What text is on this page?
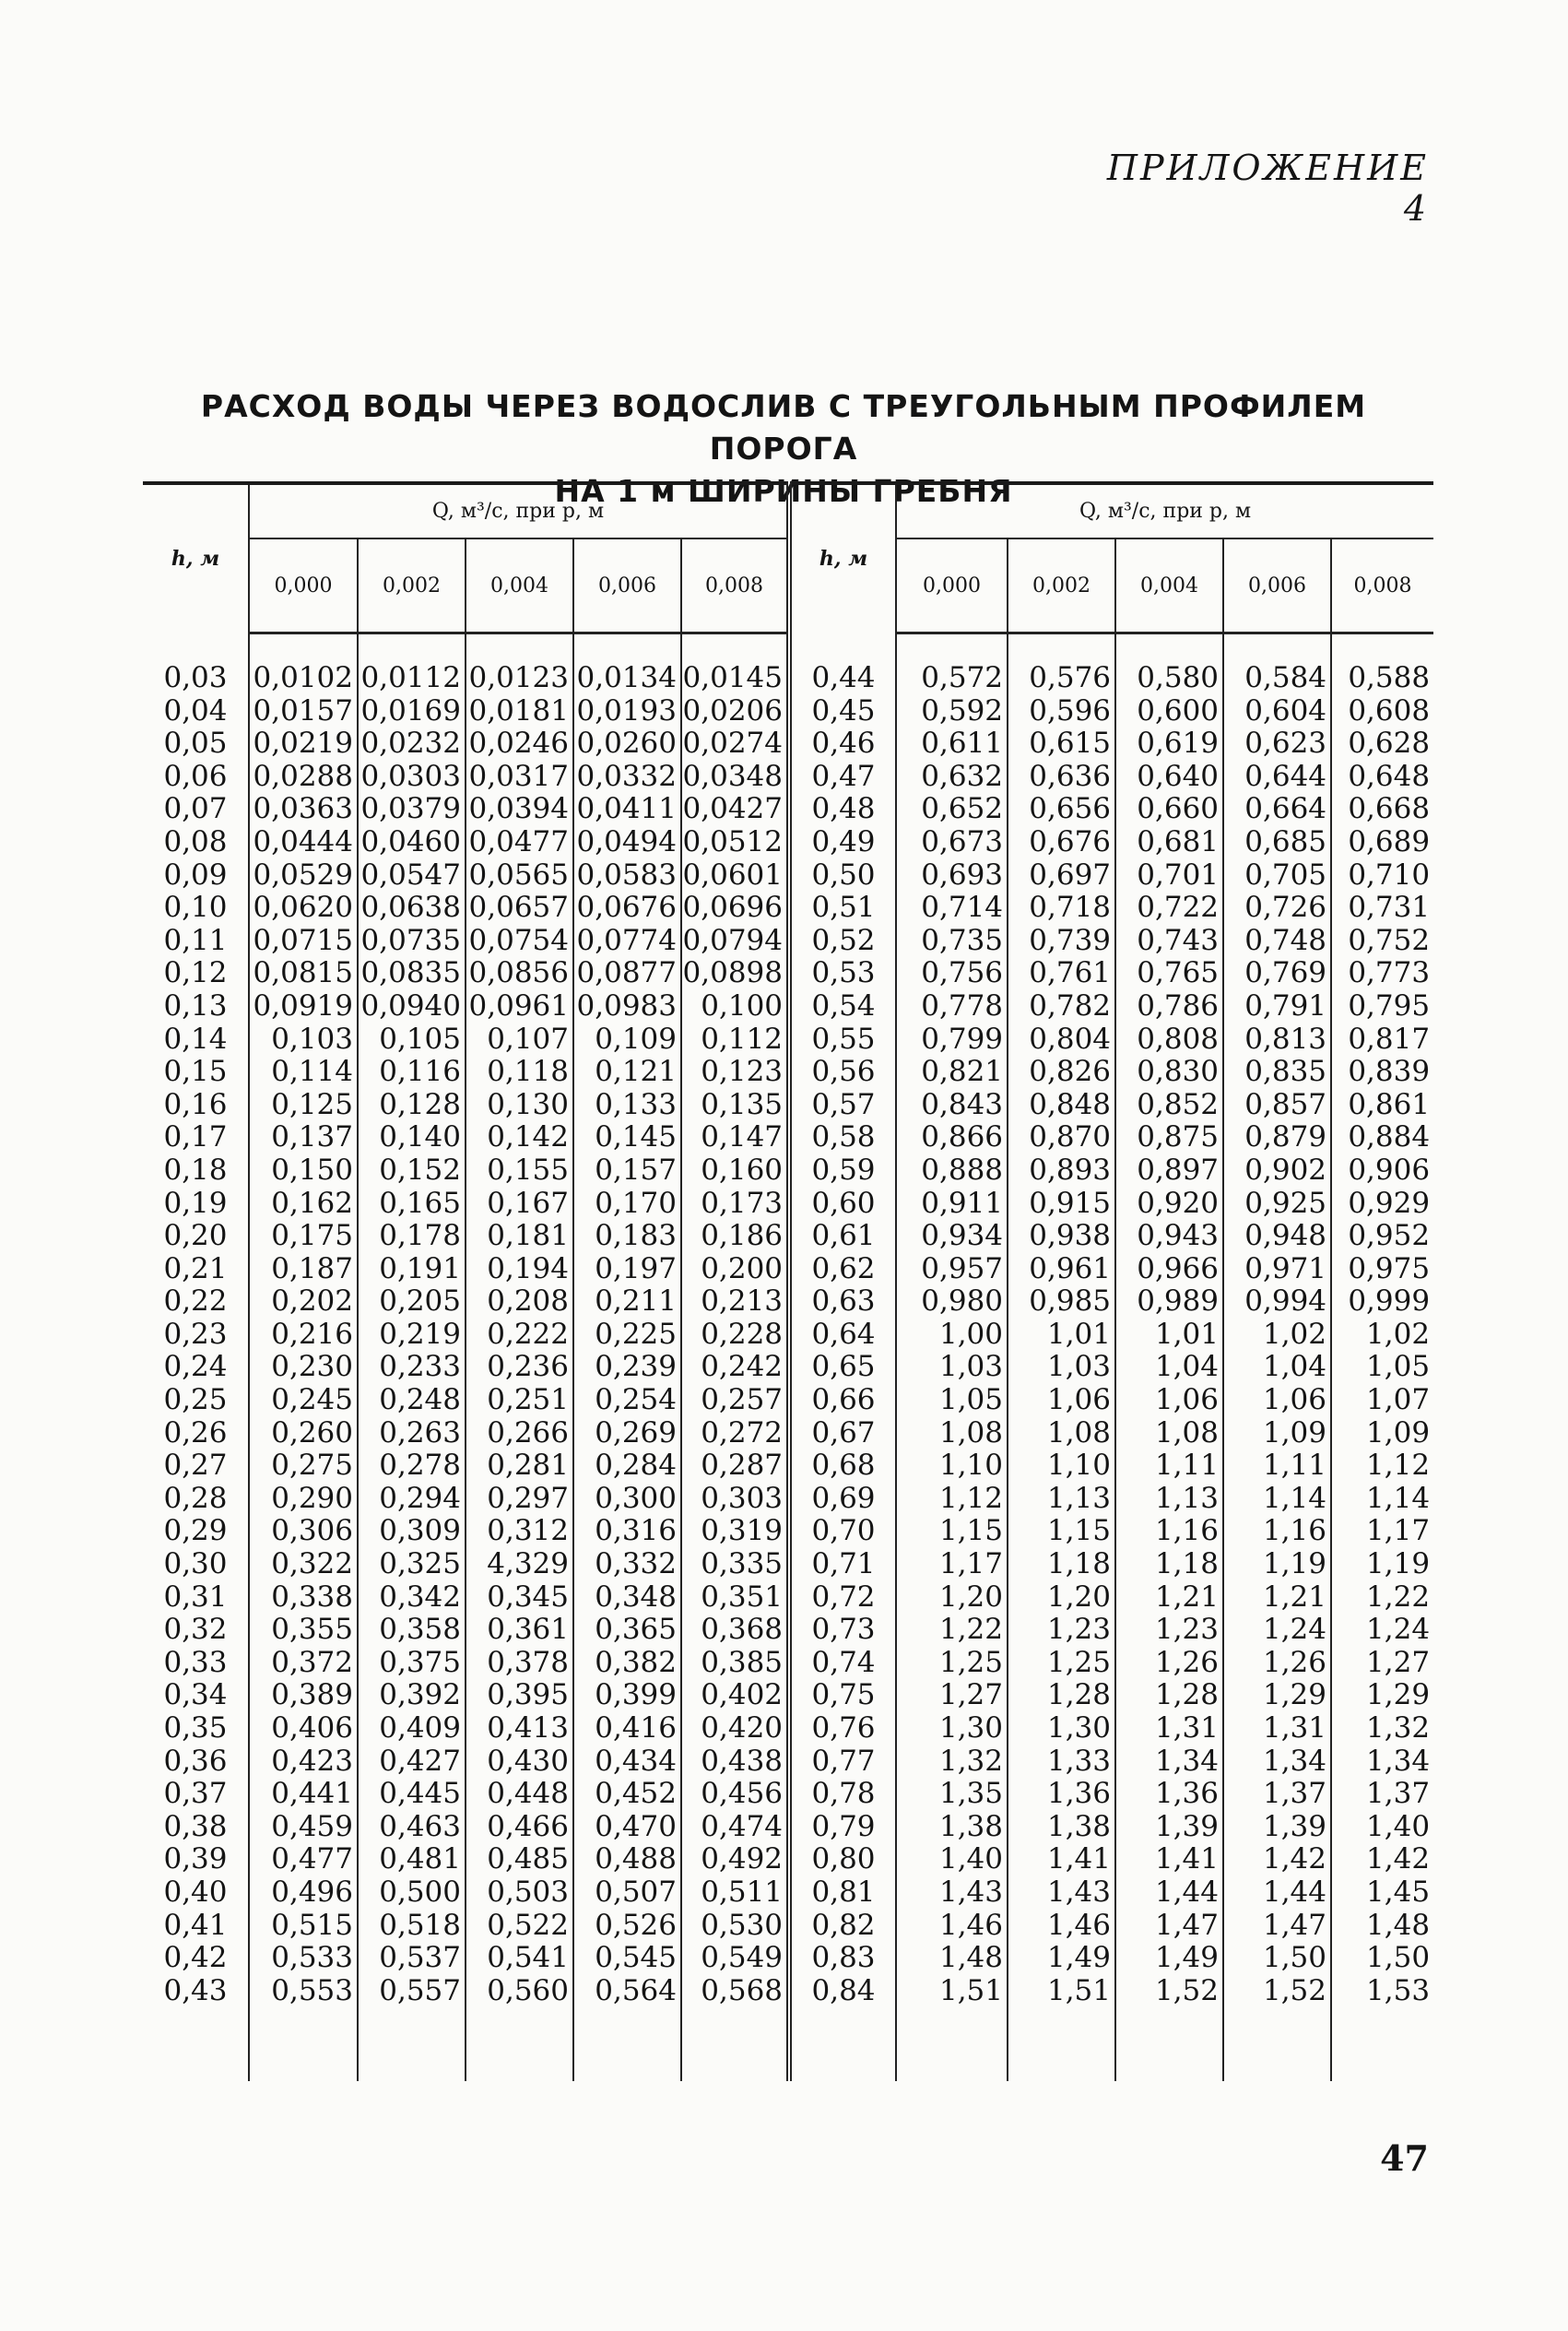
ПРИЛОЖЕНИЕ 4
РАСХОД ВОДЫ ЧЕРЕЗ ВОДОСЛИВ С ТРЕУГОЛЬНЫМ ПРОФИЛЕМ ПОРОГА
НА 1 м ШИРИНЫ ГРЕБНЯ
h, м	Q, м³/с, при p, м					h, м	Q, м³/с, при p, м				
	0,000	0,002	0,004	0,006	0,008		0,000	0,002	0,004	0,006	0,008

0,03	0,0102	0,0112	0,0123	0,0134	0,0145	0,44	0,572	0,576	0,580	0,584	0,588
0,04	0,0157	0,0169	0,0181	0,0193	0,0206	0,45	0,592	0,596	0,600	0,604	0,608
0,05	0,0219	0,0232	0,0246	0,0260	0,0274	0,46	0,611	0,615	0,619	0,623	0,628
0,06	0,0288	0,0303	0,0317	0,0332	0,0348	0,47	0,632	0,636	0,640	0,644	0,648
0,07	0,0363	0,0379	0,0394	0,0411	0,0427	0,48	0,652	0,656	0,660	0,664	0,668
0,08	0,0444	0,0460	0,0477	0,0494	0,0512	0,49	0,673	0,676	0,681	0,685	0,689
0,09	0,0529	0,0547	0,0565	0,0583	0,0601	0,50	0,693	0,697	0,701	0,705	0,710
0,10	0,0620	0,0638	0,0657	0,0676	0,0696	0,51	0,714	0,718	0,722	0,726	0,731
0,11	0,0715	0,0735	0,0754	0,0774	0,0794	0,52	0,735	0,739	0,743	0,748	0,752
0,12	0,0815	0,0835	0,0856	0,0877	0,0898	0,53	0,756	0,761	0,765	0,769	0,773
0,13	0,0919	0,0940	0,0961	0,0983	0,100	0,54	0,778	0,782	0,786	0,791	0,795
0,14	0,103	0,105	0,107	0,109	0,112	0,55	0,799	0,804	0,808	0,813	0,817
0,15	0,114	0,116	0,118	0,121	0,123	0,56	0,821	0,826	0,830	0,835	0,839
0,16	0,125	0,128	0,130	0,133	0,135	0,57	0,843	0,848	0,852	0,857	0,861
0,17	0,137	0,140	0,142	0,145	0,147	0,58	0,866	0,870	0,875	0,879	0,884
0,18	0,150	0,152	0,155	0,157	0,160	0,59	0,888	0,893	0,897	0,902	0,906
0,19	0,162	0,165	0,167	0,170	0,173	0,60	0,911	0,915	0,920	0,925	0,929
0,20	0,175	0,178	0,181	0,183	0,186	0,61	0,934	0,938	0,943	0,948	0,952
0,21	0,187	0,191	0,194	0,197	0,200	0,62	0,957	0,961	0,966	0,971	0,975
0,22	0,202	0,205	0,208	0,211	0,213	0,63	0,980	0,985	0,989	0,994	0,999
0,23	0,216	0,219	0,222	0,225	0,228	0,64	1,00	1,01	1,01	1,02	1,02
0,24	0,230	0,233	0,236	0,239	0,242	0,65	1,03	1,03	1,04	1,04	1,05
0,25	0,245	0,248	0,251	0,254	0,257	0,66	1,05	1,06	1,06	1,06	1,07
0,26	0,260	0,263	0,266	0,269	0,272	0,67	1,08	1,08	1,08	1,09	1,09
0,27	0,275	0,278	0,281	0,284	0,287	0,68	1,10	1,10	1,11	1,11	1,12
0,28	0,290	0,294	0,297	0,300	0,303	0,69	1,12	1,13	1,13	1,14	1,14
0,29	0,306	0,309	0,312	0,316	0,319	0,70	1,15	1,15	1,16	1,16	1,17
0,30	0,322	0,325	4,329	0,332	0,335	0,71	1,17	1,18	1,18	1,19	1,19
0,31	0,338	0,342	0,345	0,348	0,351	0,72	1,20	1,20	1,21	1,21	1,22
0,32	0,355	0,358	0,361	0,365	0,368	0,73	1,22	1,23	1,23	1,24	1,24
0,33	0,372	0,375	0,378	0,382	0,385	0,74	1,25	1,25	1,26	1,26	1,27
0,34	0,389	0,392	0,395	0,399	0,402	0,75	1,27	1,28	1,28	1,29	1,29
0,35	0,406	0,409	0,413	0,416	0,420	0,76	1,30	1,30	1,31	1,31	1,32
0,36	0,423	0,427	0,430	0,434	0,438	0,77	1,32	1,33	1,34	1,34	1,34
0,37	0,441	0,445	0,448	0,452	0,456	0,78	1,35	1,36	1,36	1,37	1,37
0,38	0,459	0,463	0,466	0,470	0,474	0,79	1,38	1,38	1,39	1,39	1,40
0,39	0,477	0,481	0,485	0,488	0,492	0,80	1,40	1,41	1,41	1,42	1,42
0,40	0,496	0,500	0,503	0,507	0,511	0,81	1,43	1,43	1,44	1,44	1,45
0,41	0,515	0,518	0,522	0,526	0,530	0,82	1,46	1,46	1,47	1,47	1,48
0,42	0,533	0,537	0,541	0,545	0,549	0,83	1,48	1,49	1,49	1,50	1,50
0,43	0,553	0,557	0,560	0,564	0,568	0,84	1,51	1,51	1,52	1,52	1,53

47
